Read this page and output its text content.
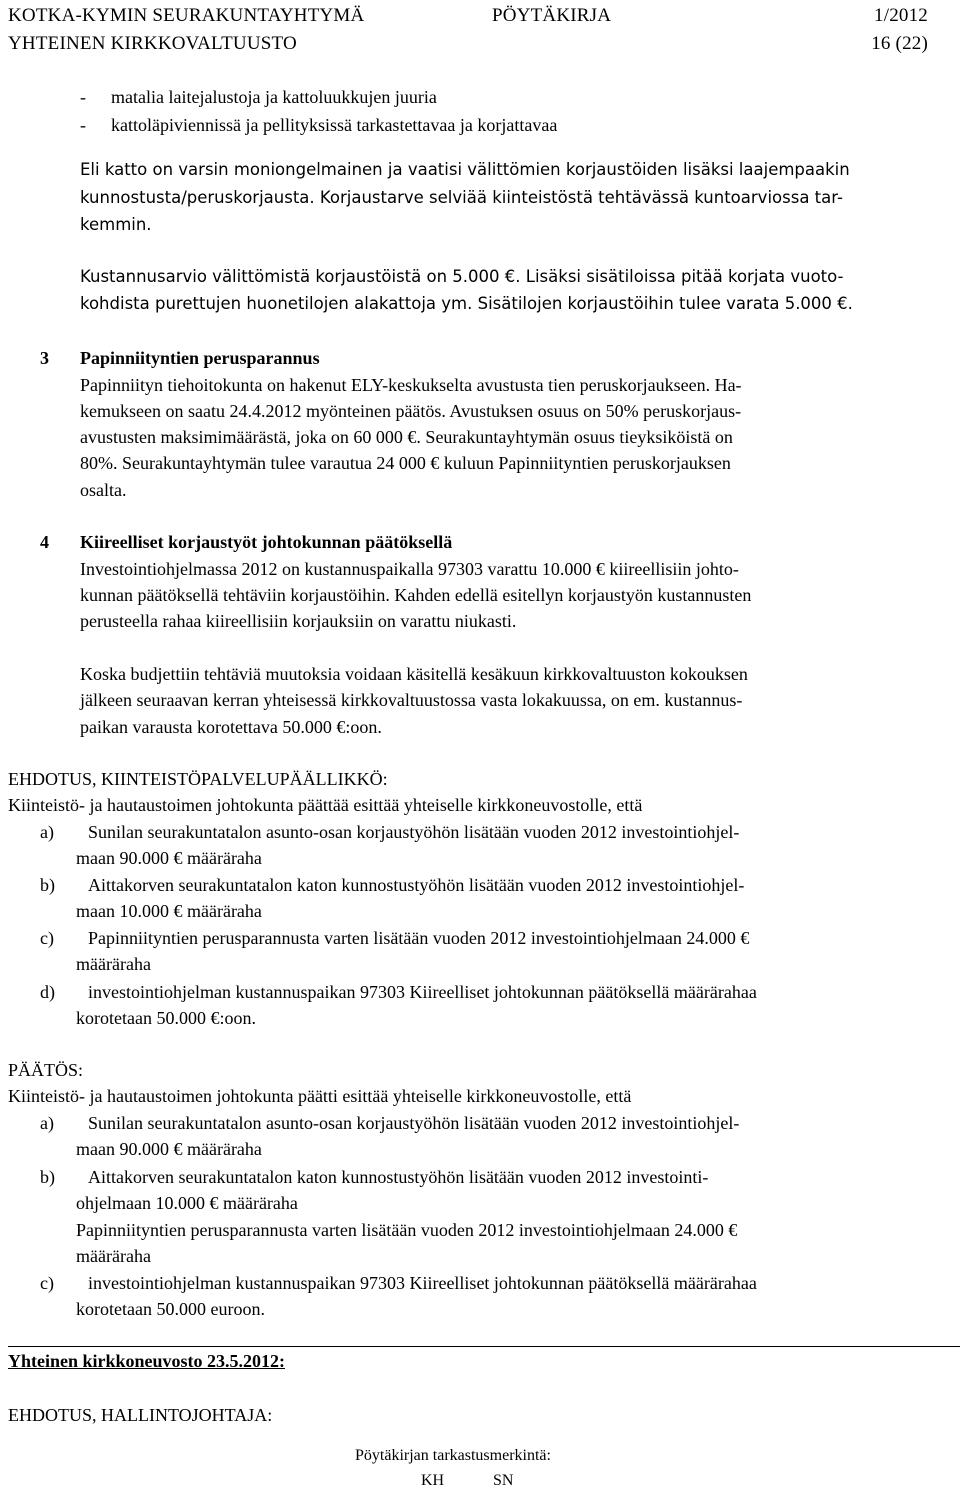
KOTKA-KYMIN SEURAKUNTAYHTYMÄ
YHTEINEN KIRKKOVALTUUSTO
PÖYTÄKIRJA	1/2012
16 (22)
- matalia laitejalustoja ja kattoluukkujen juuria
- kattoläpiviennissä ja pellityksissä tarkastettavaa ja korjattavaa
Eli katto on varsin moniongelmainen ja vaatisi välittömien korjaustöiden lisäksi laajempaakin
kunnostusta/peruskorjausta. Korjaustarve selviää kiinteistöstä tehtävässä kuntoarviossa tar-
kemmin.
Kustannusarvio välittömistä korjaustöistä on 5.000 €. Lisäksi sisätiloissa pitää korjata vuoto-
kohdista purettujen huonetilojen alakattoja ym. Sisätilojen korjaustöihin tulee varata 5.000 €.
3 Papinniityntien perusparannus
Papinniityn tiehoitokunta on hakenut ELY-keskukselta avustusta tien peruskorjaukseen. Ha-
kemukseen on saatu 24.4.2012 myönteinen päätös. Avustuksen osuus on 50% peruskorjaus-
avustusten maksimimäärästä, joka on 60 000 €. Seurakuntayhtymän osuus tieyksiköistä on
80%. Seurakuntayhtymän tulee varautua 24 000 € kuluun Papinniityntien peruskorjauksen
osalta.
4 Kiireelliset korjaustyöt johtokunnan päätöksellä
Investointiohjelmassa 2012 on kustannuspaikalla 97303 varattu 10.000 € kiireellisiin johto-
kunnan päätöksellä tehtäviin korjaustöihin. Kahden edellä esitellyn korjaustyön kustannusten
perusteella rahaa kiireellisiin korjauksiin on varattu niukasti.
Koska budjettiin tehtäviä muutoksia voidaan käsitellä kesäkuun kirkkovaltuuston kokouksen
jälkeen seuraavan kerran yhteisessä kirkkovaltuustossa vasta lokakuussa, on em. kustannus-
paikan varausta korotettava 50.000 €:oon.
EHDOTUS, KIINTEISTÖPALVELUPÄÄLLIKKÖ:
Kiinteistö- ja hautaustoimen johtokunta päättää esittää yhteiselle kirkkoneuvostolle, että
a) Sunilan seurakuntatalon asunto-osan korjaustyöhön lisätään vuoden 2012 investointiohjel-
maan 90.000 € määräraha
b) Aittakorven seurakuntatalon katon kunnostustyöhön lisätään vuoden 2012 investointiohjel-
maan 10.000 € määräraha
c) Papinniityntien perusparannusta varten lisätään vuoden 2012 investointiohjelmaan 24.000 €
määräraha
d) investointiohjelman kustannuspaikan 97303 Kiireelliset johtokunnan päätöksellä määrärahaa
korotetaan 50.000 €:oon.
PÄÄTÖS:
Kiinteistö- ja hautaustoimen johtokunta päätti esittää yhteiselle kirkkoneuvostolle, että
a) Sunilan seurakuntatalon asunto-osan korjaustyöhön lisätään vuoden 2012 investointiohjel-
maan 90.000 € määräraha
b) Aittakorven seurakuntatalon katon kunnostustyöhön lisätään vuoden 2012 investointi-
ohjelmaan 10.000 € määräraha
Papinniityntien perusparannusta varten lisätään vuoden 2012 investointiohjelmaan 24.000 €
määräraha
c) investointiohjelman kustannuspaikan 97303 Kiireelliset johtokunnan päätöksellä määrärahaa
korotetaan 50.000 euroon.
Yhteinen kirkkoneuvosto 23.5.2012:
EHDOTUS, HALLINTOJOHTAJA:
Pöytäkirjan tarkastusmerkintä:
KH	SN
